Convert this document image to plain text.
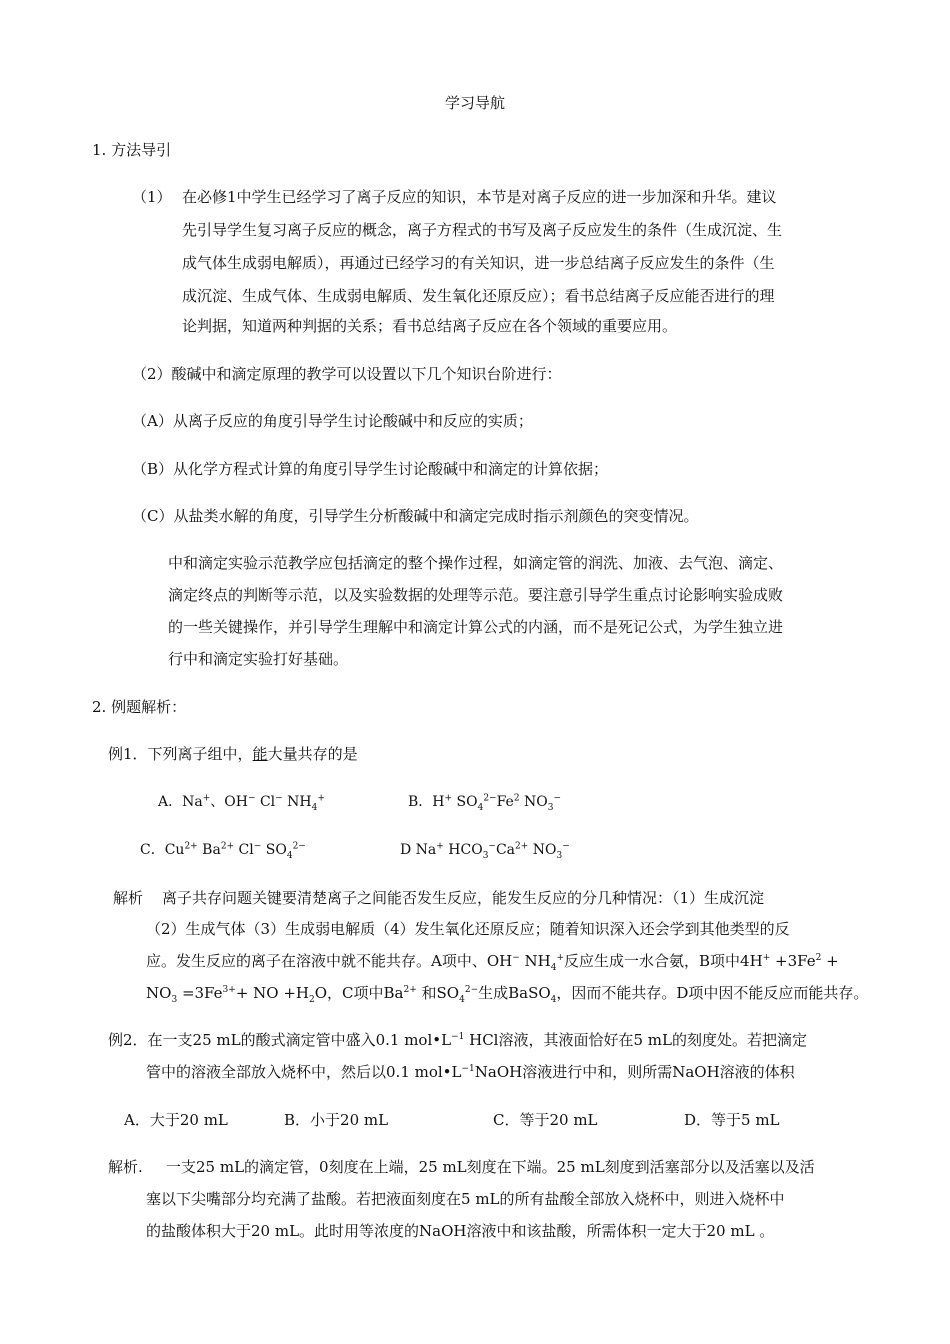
学习导航
1. 方法导引
（1） 在必修1中学生已经学习了离子反应的知识，本节是对离子反应的进一步加深和升华。建议
先引导学生复习离子反应的概念，离子方程式的书写及离子反应发生的条件（生成沉淀、生
成气体生成弱电解质），再通过已经学习的有关知识，进一步总结离子反应发生的条件（生
成沉淀、生成气体、生成弱电解质、发生氧化还原反应）；看书总结离子反应能否进行的理
论判据，知道两种判据的关系；看书总结离子反应在各个领域的重要应用。
（2）酸碱中和滴定原理的教学可以设置以下几个知识台阶进行：
（A）从离子反应的角度引导学生讨论酸碱中和反应的实质；
（B）从化学方程式计算的角度引导学生讨论酸碱中和滴定的计算依据；
（C）从盐类水解的角度，引导学生分析酸碱中和滴定完成时指示剂颜色的突变情况。
中和滴定实验示范教学应包括滴定的整个操作过程，如滴定管的润洗、加液、去气泡、滴定、
滴定终点的判断等示范，以及实验数据的处理等示范。要注意引导学生重点讨论影响实验成败
的一些关键操作，并引导学生理解中和滴定计算公式的内涵，而不是死记公式，为学生独立进
行中和滴定实验打好基础。
2. 例题解析：
例1．下列离子组中，能大量共存的是
A．Na+、OH− Cl− $NH_4^+$	B．H+ $SO_4^{2-}Fe^2$ $NO_3^-$
C．$Cu^{2+}$ $Ba^{2+}$ Cl− $SO_4^{2-}$	D Na+ $HCO_3^-Ca^{2+}$ $NO_3^-$
解析 离子共存问题关键要清楚离子之间能否发生反应，能发生反应的分几种情况：（1）生成沉淀
（2）生成气体（3）生成弱电解质（4）发生氧化还原反应；随着知识深入还会学到其他类型的反
应。发生反应的离子在溶液中就不能共存。A项中、OH− $NH_4^+$反应生成一水合氨，B项中$4H^+ +3Fe^2$ +
$NO_3 =3Fe^{3+}+$ NO $+H_2O$，C项中$Ba^{2+}$ 和$SO_4^{2-}$生成BaSO$_4$，因而不能共存。D项中因不能反应而能共存。
例2．在一支25 mL的酸式滴定管中盛入0.1 $mol•L^{-1}$ HCl溶液，其液面恰好在5 mL的刻度处。若把滴定
管中的溶液全部放入烧杯中，然后以0.1 $mol•L^{-1}NaOH$溶液进行中和，则所需NaOH溶液的体积
A．大于20 mL	B．小于20 mL	C．等于20 mL	D．等于5 mL
解析. 一支25 mL的滴定管，0刻度在上端，25 mL刻度在下端。25 mL刻度到活塞部分以及活塞以及活
塞以下尖嘴部分均充满了盐酸。若把液面刻度在5 mL的所有盐酸全部放入烧杯中，则进入烧杯中
的盐酸体积大于20 mL。此时用等浓度的NaOH溶液中和该盐酸，所需体积一定大于20 mL 。
